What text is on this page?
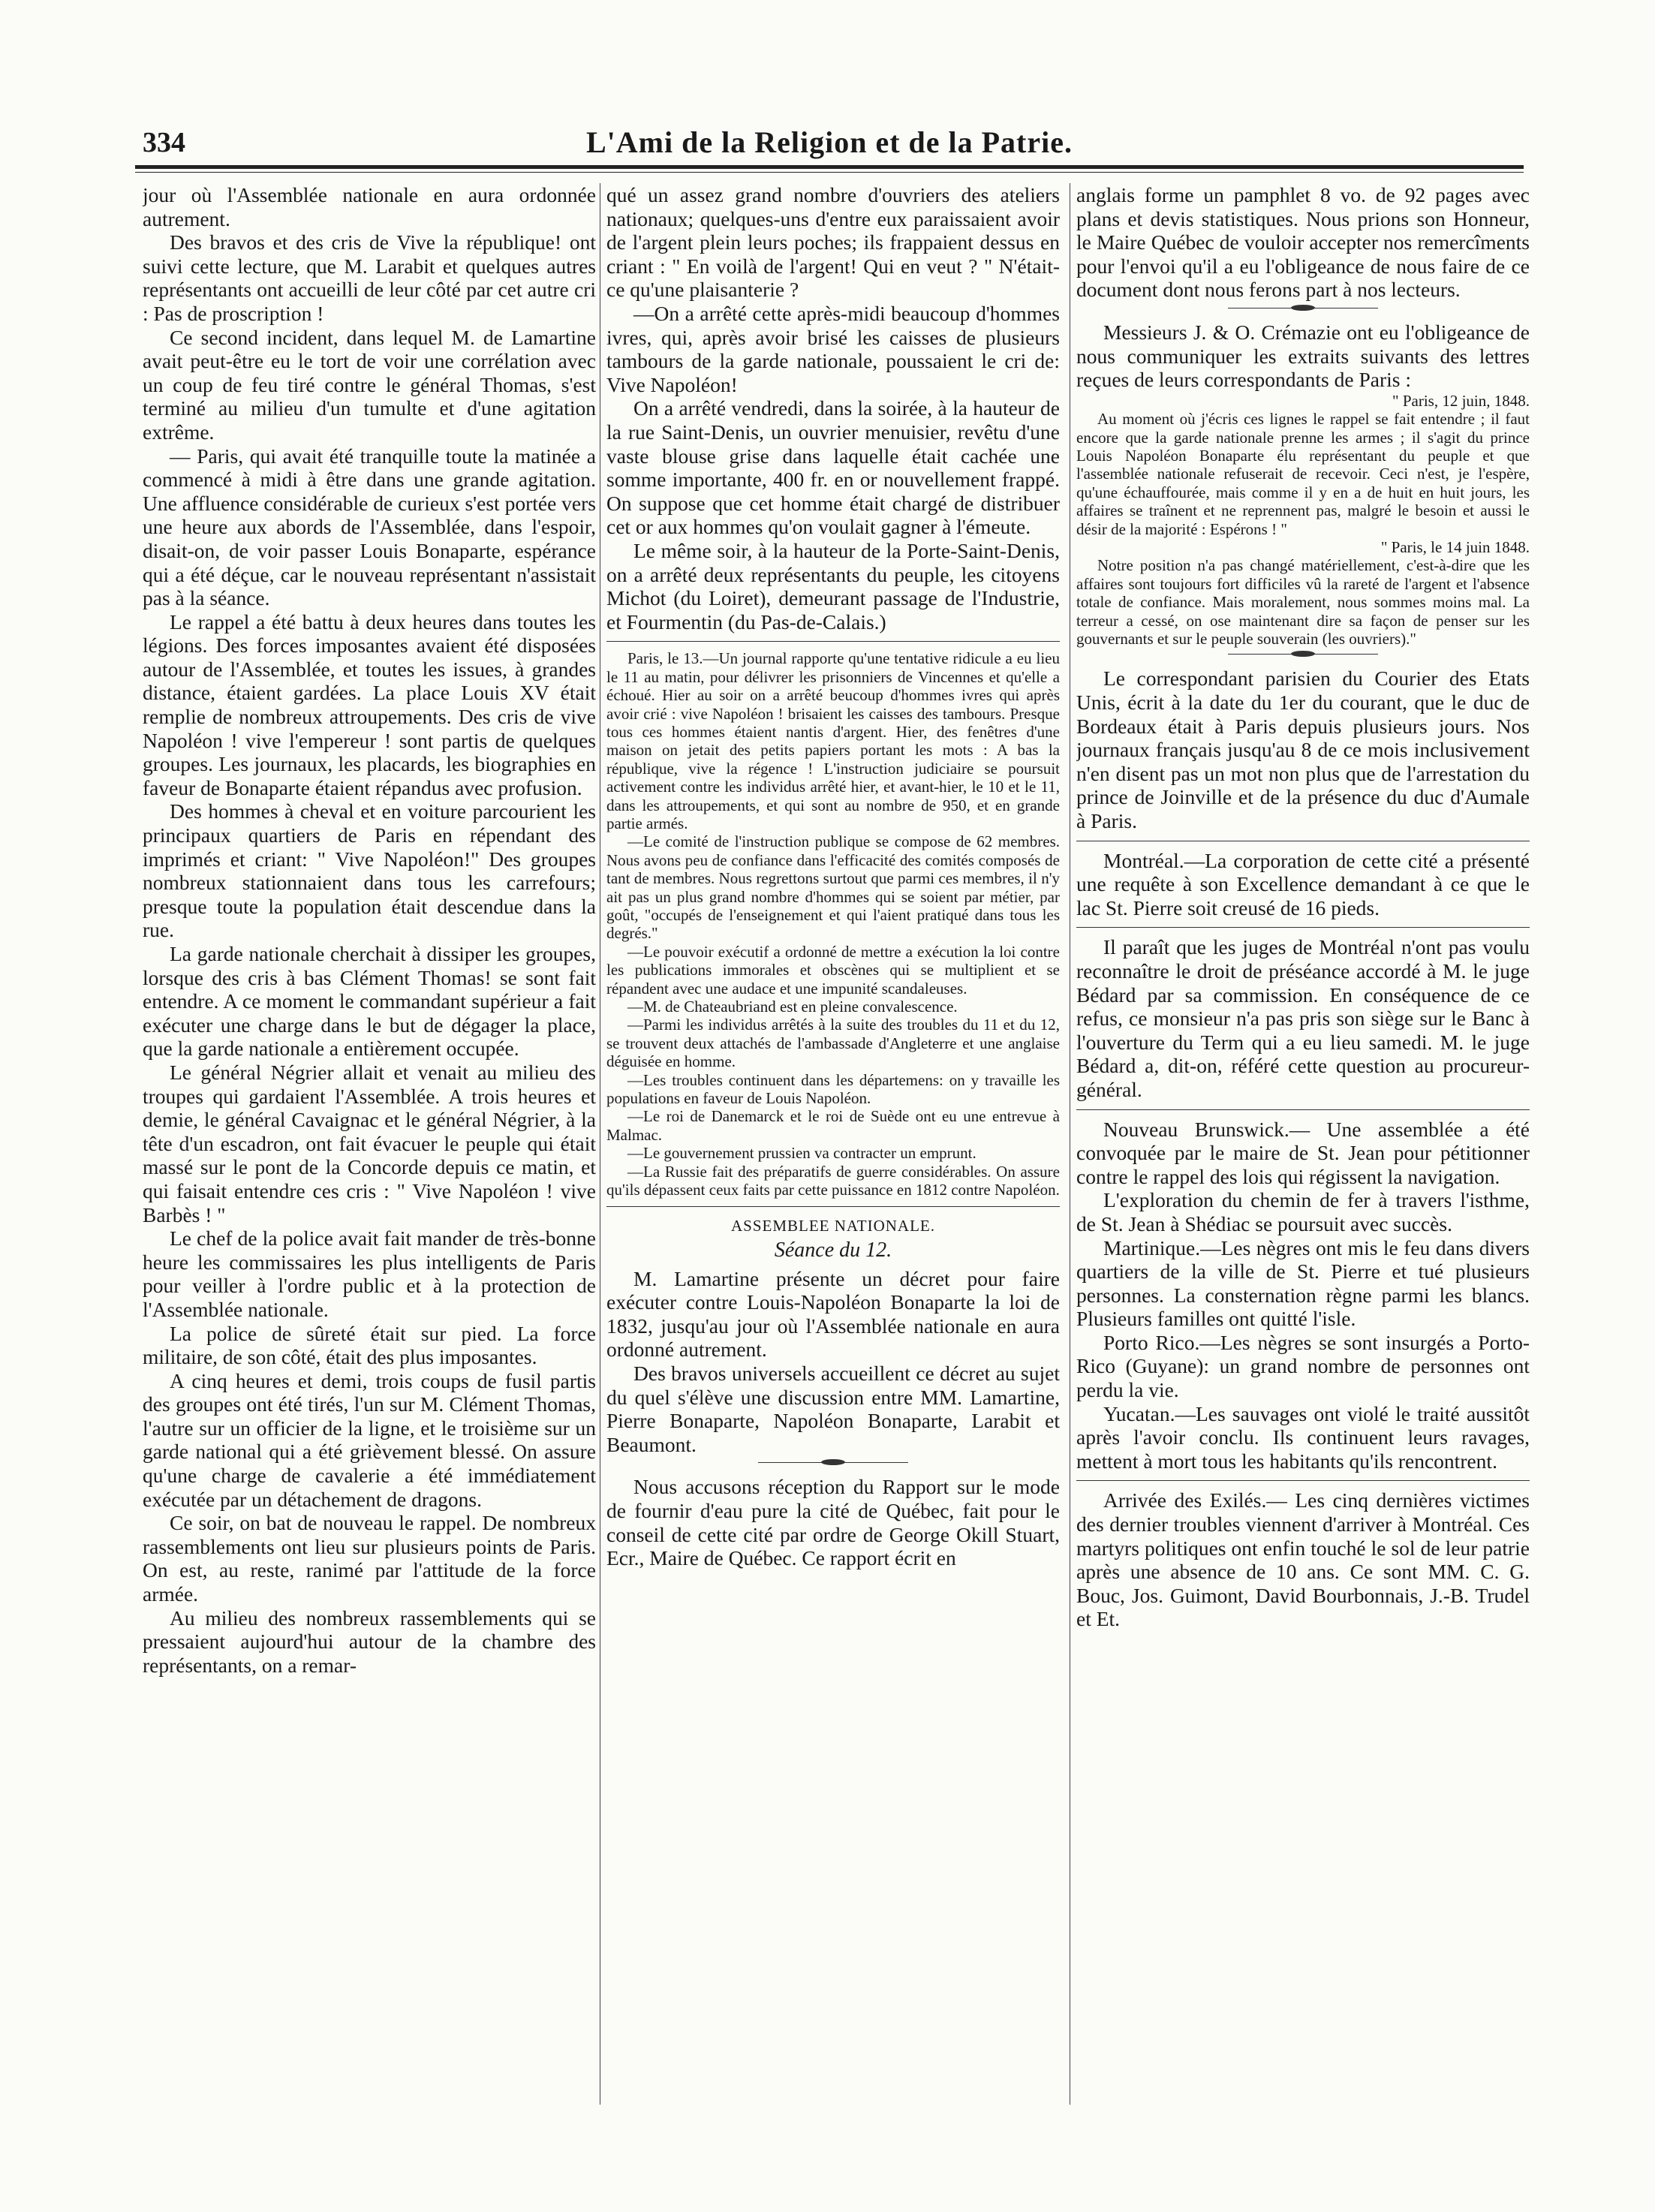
334	L'Ami de la Religion et de la Patrie.

jour où l'Assemblée nationale en aura ordonnée autrement.

Des bravos et des cris de Vive la république! ont suivi cette lecture, que M. Larabit et quelques autres représentants ont accueilli de leur côté par cet autre cri : Pas de proscription !

Ce second incident, dans lequel M. de Lamartine avait peut-être eu le tort de voir une corrélation avec un coup de feu tiré contre le général Thomas, s'est terminé au milieu d'un tumulte et d'une agitation extrême.

— Paris, qui avait été tranquille toute la matinée a commencé à midi à être dans une grande agitation. Une affluence considérable de curieux s'est portée vers une heure aux abords de l'Assemblée, dans l'espoir, disait-on, de voir passer Louis Bonaparte, espérance qui a été déçue, car le nouveau représentant n'assistait pas à la séance.

Le rappel a été battu à deux heures dans toutes les légions. Des forces imposantes avaient été disposées autour de l'Assemblée, et toutes les issues, à grandes distance, étaient gardées. La place Louis XV était remplie de nombreux attroupements. Des cris de vive Napoléon ! vive l'empereur ! sont partis de quelques groupes. Les journaux, les placards, les biographies en faveur de Bonaparte étaient répandus avec profusion.

Des hommes à cheval et en voiture parcourient les principaux quartiers de Paris en répendant des imprimés et criant: " Vive Napoléon!" Des groupes nombreux stationnaient dans tous les carrefours; presque toute la population était descendue dans la rue.

La garde nationale cherchait à dissiper les groupes, lorsque des cris à bas Clément Thomas! se sont fait entendre. A ce moment le commandant supérieur a fait exécuter une charge dans le but de dégager la place, que la garde nationale a entièrement occupée.

Le général Négrier allait et venait au milieu des troupes qui gardaient l'Assemblée. A trois heures et demie, le général Cavaignac et le général Négrier, à la tête d'un escadron, ont fait évacuer le peuple qui était massé sur le pont de la Concorde depuis ce matin, et qui faisait entendre ces cris : " Vive Napoléon ! vive Barbès ! "

Le chef de la police avait fait mander de très-bonne heure les commissaires les plus intelligents de Paris pour veiller à l'ordre public et à la protection de l'Assemblée nationale.

La police de sûreté était sur pied. La force militaire, de son côté, était des plus imposantes.

A cinq heures et demi, trois coups de fusil partis des groupes ont été tirés, l'un sur M. Clément Thomas, l'autre sur un officier de la ligne, et le troisième sur un garde national qui a été grièvement blessé. On assure qu'une charge de cavalerie a été immédiatement exécutée par un détachement de dragons.

Ce soir, on bat de nouveau le rappel. De nombreux rassemblements ont lieu sur plusieurs points de Paris. On est, au reste, ranimé par l'attitude de la force armée.

Au milieu des nombreux rassemblements qui se pressaient aujourd'hui autour de la chambre des représentants, on a remar-

qué un assez grand nombre d'ouvriers des ateliers nationaux; quelques-uns d'entre eux paraissaient avoir de l'argent plein leurs poches; ils frappaient dessus en criant : " En voilà de l'argent! Qui en veut ? " N'était-ce qu'une plaisanterie ?

—On a arrêté cette après-midi beaucoup d'hommes ivres, qui, après avoir brisé les caisses de plusieurs tambours de la garde nationale, poussaient le cri de: Vive Napoléon!

On a arrêté vendredi, dans la soirée, à la hauteur de la rue Saint-Denis, un ouvrier menuisier, revêtu d'une vaste blouse grise dans laquelle était cachée une somme importante, 400 fr. en or nouvellement frappé. On suppose que cet homme était chargé de distribuer cet or aux hommes qu'on voulait gagner à l'émeute.

Le même soir, à la hauteur de la Porte-Saint-Denis, on a arrêté deux représentants du peuple, les citoyens Michot (du Loiret), demeurant passage de l'Industrie, et Fourmentin (du Pas-de-Calais.)

Paris, le 13.—Un journal rapporte qu'une tentative ridicule a eu lieu le 11 au matin, pour délivrer les prisonniers de Vincennes et qu'elle a échoué. Hier au soir on a arrêté beucoup d'hommes ivres qui après avoir crié : vive Napoléon ! brisaient les caisses des tambours. Presque tous ces hommes étaient nantis d'argent. Hier, des fenêtres d'une maison on jetait des petits papiers portant les mots : A bas la république, vive la régence ! L'instruction judiciaire se poursuit activement contre les individus arrêté hier, et avant-hier, le 10 et le 11, dans les attroupements, et qui sont au nombre de 950, et en grande partie armés.

—Le comité de l'instruction publique se compose de 62 membres. Nous avons peu de confiance dans l'efficacité des comités composés de tant de membres. Nous regrettons surtout que parmi ces membres, il n'y ait pas un plus grand nombre d'hommes qui se soient par métier, par goût, "occupés de l'enseignement et qui l'aient pratiqué dans tous les degrés."

—Le pouvoir exécutif a ordonné de mettre a exécution la loi contre les publications immorales et obscènes qui se multiplient et se répandent avec une audace et une impunité scandaleuses.

—M. de Chateaubriand est en pleine convalescence.

—Parmi les individus arrêtés à la suite des troubles du 11 et du 12, se trouvent deux attachés de l'ambassade d'Angleterre et une anglaise déguisée en homme.

—Les troubles continuent dans les départemens: on y travaille les populations en faveur de Louis Napoléon.

—Le roi de Danemarck et le roi de Suède ont eu une entrevue à Malmac.

—Le gouvernement prussien va contracter un emprunt.

—La Russie fait des préparatifs de guerre considérables. On assure qu'ils dépassent ceux faits par cette puissance en 1812 contre Napoléon.

ASSEMBLEE NATIONALE.

Séance du 12.

M. Lamartine présente un décret pour faire exécuter contre Louis-Napoléon Bonaparte la loi de 1832, jusqu'au jour où l'Assemblée nationale en aura ordonné autrement.

Des bravos universels accueillent ce décret au sujet du quel s'élève une discussion entre MM. Lamartine, Pierre Bonaparte, Napoléon Bonaparte, Larabit et Beaumont.

Nous accusons réception du Rapport sur le mode de fournir d'eau pure la cité de Québec, fait pour le conseil de cette cité par ordre de George Okill Stuart, Ecr., Maire de Québec. Ce rapport écrit en

anglais forme un pamphlet 8 vo. de 92 pages avec plans et devis statistiques. Nous prions son Honneur, le Maire Québec de vouloir accepter nos remercîments pour l'envoi qu'il a eu l'obligeance de nous faire de ce document dont nous ferons part à nos lecteurs.

Messieurs J. & O. Crémazie ont eu l'obligeance de nous communiquer les extraits suivants des lettres reçues de leurs correspondants de Paris :

" Paris, 12 juin, 1848.

Au moment où j'écris ces lignes le rappel se fait entendre ; il faut encore que la garde nationale prenne les armes ; il s'agit du prince Louis Napoléon Bonaparte élu représentant du peuple et que l'assemblée nationale refuserait de recevoir. Ceci n'est, je l'espère, qu'une échauffourée, mais comme il y en a de huit en huit jours, les affaires se traînent et ne reprennent pas, malgré le besoin et aussi le désir de la majorité : Espérons ! "

" Paris, le 14 juin 1848.

Notre position n'a pas changé matériellement, c'est-à-dire que les affaires sont toujours fort difficiles vû la rareté de l'argent et l'absence totale de confiance. Mais moralement, nous sommes moins mal. La terreur a cessé, on ose maintenant dire sa façon de penser sur les gouvernants et sur le peuple souverain (les ouvriers)."

Le correspondant parisien du Courier des Etats Unis, écrit à la date du 1er du courant, que le duc de Bordeaux était à Paris depuis plusieurs jours. Nos journaux français jusqu'au 8 de ce mois inclusivement n'en disent pas un mot non plus que de l'arrestation du prince de Joinville et de la présence du duc d'Aumale à Paris.

Montréal.—La corporation de cette cité a présenté une requête à son Excellence demandant à ce que le lac St. Pierre soit creusé de 16 pieds.

Il paraît que les juges de Montréal n'ont pas voulu reconnaître le droit de préséance accordé à M. le juge Bédard par sa commission. En conséquence de ce refus, ce monsieur n'a pas pris son siège sur le Banc à l'ouverture du Term qui a eu lieu samedi. M. le juge Bédard a, dit-on, référé cette question au procureur-général.

Nouveau Brunswick.— Une assemblée a été convoquée par le maire de St. Jean pour pétitionner contre le rappel des lois qui régissent la navigation.

L'exploration du chemin de fer à travers l'isthme, de St. Jean à Shédiac se poursuit avec succès.

Martinique.—Les nègres ont mis le feu dans divers quartiers de la ville de St. Pierre et tué plusieurs personnes. La consternation règne parmi les blancs. Plusieurs familles ont quitté l'isle.

Porto Rico.—Les nègres se sont insurgés a Porto-Rico (Guyane): un grand nombre de personnes ont perdu la vie.

Yucatan.—Les sauvages ont violé le traité aussitôt après l'avoir conclu. Ils continuent leurs ravages, mettent à mort tous les habitants qu'ils rencontrent.

Arrivée des Exilés.— Les cinq dernières victimes des dernier troubles viennent d'arriver à Montréal. Ces martyrs politiques ont enfin touché le sol de leur patrie après une absence de 10 ans. Ce sont MM. C. G. Bouc, Jos. Guimont, David Bourbonnais, J.-B. Trudel et Et.
